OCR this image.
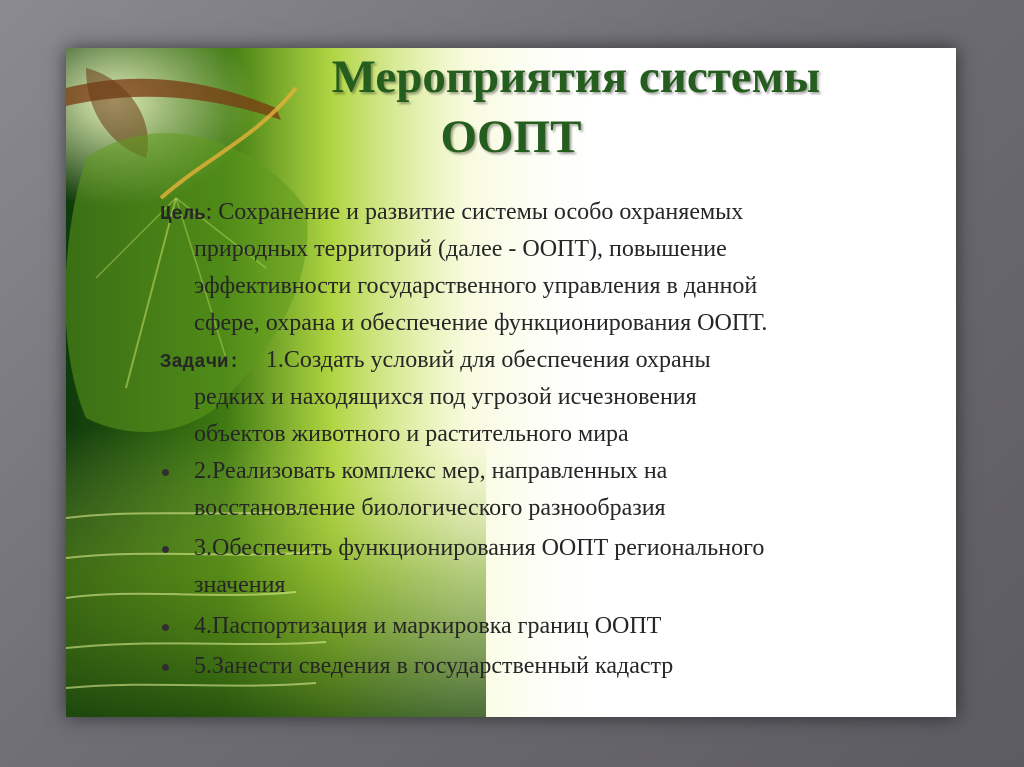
Мероприятия системы
ООПТ
Цель: Сохранение и развитие системы особо охраняемых
природных территорий (далее - ООПТ), повышение
эффективности государственного управления в данной
сфере, охрана и обеспечение функционирования ООПТ.
Задачи: 1.Создать условий для обеспечения охраны
редких и находящихся под угрозой исчезновения
объектов животного и растительного мира
2.Реализовать комплекс мер, направленных на
восстановление биологического разнообразия
3.Обеспечить функционирования ООПТ регионального
значения
4.Паспортизация и маркировка границ ООПТ
5.Занести сведения в государственный кадастр
